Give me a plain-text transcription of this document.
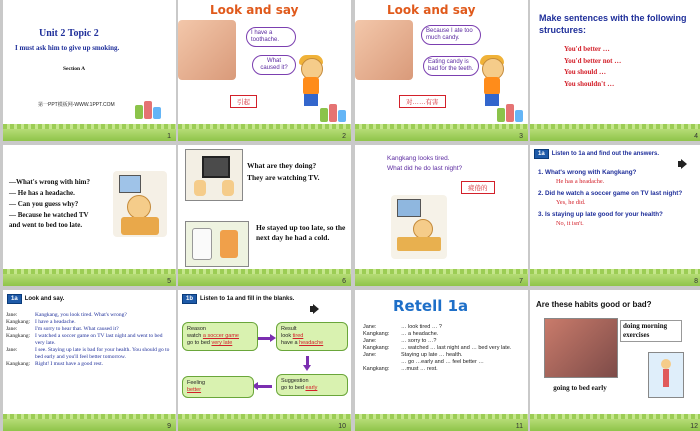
Unit 2 Topic 2
I must ask him to give up smoking.
Section A
第一PPT模板网-WWW.1PPT.COM
1
Look and say
I have a toothache.
What caused it?
引起
2
Look and say
Because I ate too much candy.
Eating candy is bad for the teeth.
对……有害
3
Make sentences with the following structures:
You'd better …
You'd better not …
You should …
You shouldn't …
4
—What's wrong with him?
— He has a headache.
— Can you guess why?
— Because he watched TV
and went to bed too late.
5
What are they doing?
They are watching TV.
He stayed up too late, so the next day he had a cold.
6
Kangkang looks tired.
What did he do last night?
疲倦的
7
1a Listen to 1a and find out the answers.
1. What's wrong with Kangkang?
He has a headache.
2. Did he watch a soccer game on TV last night?
Yes, he did.
3. Is staying up late good for your health?
No, it isn't.
8
1a Look and say.
Jane:	Kangkang, you look tired. What's wrong?
Kangkang: I have a headache.
Jane:	I'm sorry to hear that. What caused it?
Kangkang: I watched a soccer game on TV last night and went to bed very late.
Jane:	I see. Staying up late is bad for your health. You should go to bed early and you'll feel better tomorrow.
Kangkang: Right! I must have a good rest.
9
1b Listen to 1a and fill in the blanks.
Reason
watch a soccer game
go to bed very late
Result
look tired
have a headache
Suggestion
go to bed early
Feeling
better
10
Retell 1a
Jane:	… look tired … ?
Kangkang:	… a headache.
Jane:	… sorry to …?
Kangkang:	… watched … last night and … bed very late.
Jane:	Staying up late … health.
… go …early and … feel better …
Kangkang:	…must … rest.
11
Are these habits good or bad?
doing morning exercises
going to bed early
12
